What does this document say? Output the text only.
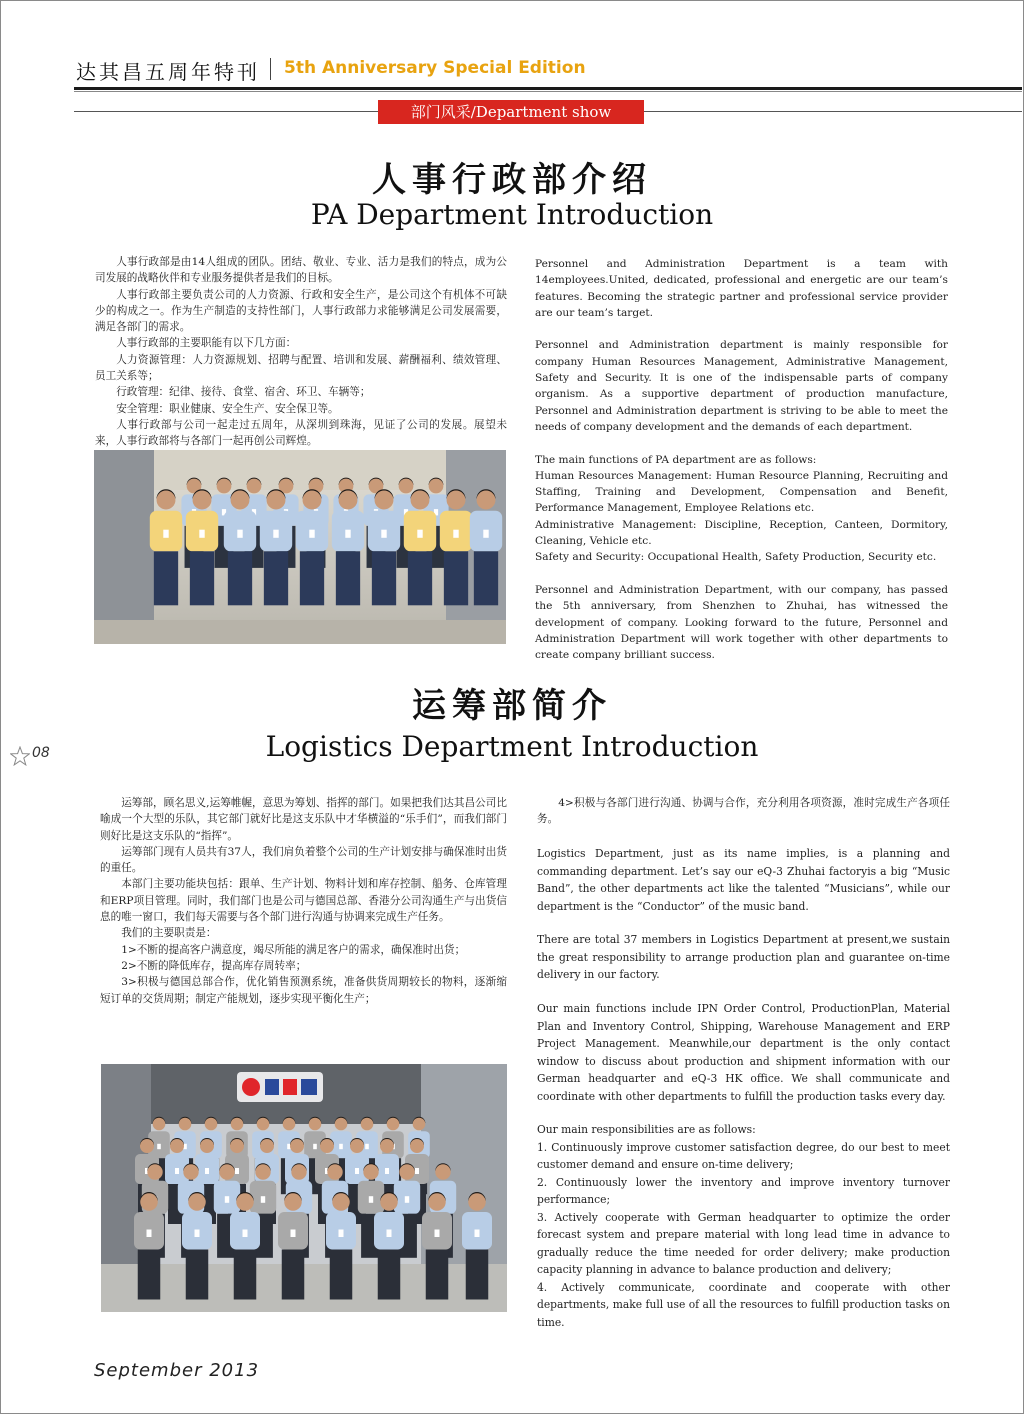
达其昌五周年特刊 5th Anniversary Special Edition
部门风采/Department show
人事行政部介绍
PA Department Introduction

人事行政部是由14人组成的团队。团结、敬业、专业、活力是我们的特点，成为公司发展的战略伙伴和专业服务提供者是我们的目标。

人事行政部主要负责公司的人力资源、行政和安全生产，是公司这个有机体不可缺少的构成之一。作为生产制造的支持性部门，人事行政部力求能够满足公司发展需要，满足各部门的需求。

人事行政部的主要职能有以下几方面：

人力资源管理：人力资源规划、招聘与配置、培训和发展、薪酬福利、绩效管理、员工关系等；

行政管理：纪律、接待、食堂、宿舍、环卫、车辆等；

安全管理：职业健康、安全生产、安全保卫等。

人事行政部与公司一起走过五周年，从深圳到珠海，见证了公司的发展。展望未来，人事行政部将与各部门一起再创公司辉煌。

Personnel and Administration Department is a team with 14employees.United, dedicated, professional and energetic are our team’s features. Becoming the strategic partner and professional service provider are our team’s target.

Personnel and Administration department is mainly responsible for company Human Resources Management, Administrative Management, Safety and Security. It is one of the indispensable parts of company organism. As a supportive department of production manufacture, Personnel and Administration department is striving to be able to meet the needs of company development and the demands of each department.

The main functions of PA department are as follows:

Human Resources Management: Human Resource Planning, Recruiting and Staffing, Training and Development, Compensation and Benefit, Performance Management, Employee Relations etc.

Administrative Management: Discipline, Reception, Canteen, Dormitory, Cleaning, Vehicle etc.

Safety and Security: Occupational Health, Safety Production, Security etc.

Personnel and Administration Department, with our company, has passed the 5th anniversary, from Shenzhen to Zhuhai, has witnessed the development of company. Looking forward to the future, Personnel and Administration Department will work together with other departments to create company brilliant success.

运筹部简介
Logistics Department Introduction

运筹部，顾名思义,运筹帷幄，意思为筹划、指挥的部门。如果把我们达其昌公司比喻成一个大型的乐队，其它部门就好比是这支乐队中才华横溢的“乐手们”，而我们部门则好比是这支乐队的“指挥”。

运筹部门现有人员共有37人，我们肩负着整个公司的生产计划安排与确保准时出货的重任。

本部门主要功能块包括：跟单、生产计划、物料计划和库存控制、船务、仓库管理和ERP项目管理。同时，我们部门也是公司与德国总部、香港分公司沟通生产与出货信息的唯一窗口，我们每天需要与各个部门进行沟通与协调来完成生产任务。

我们的主要职责是：

1>不断的提高客户满意度，竭尽所能的满足客户的需求，确保准时出货；

2>不断的降低库存，提高库存周转率；

3>积极与德国总部合作，优化销售预测系统，准备供货周期较长的物料，逐渐缩短订单的交货周期；制定产能规划，逐步实现平衡化生产；

4>积极与各部门进行沟通、协调与合作，充分利用各项资源，准时完成生产各项任务。

Logistics Department, just as its name implies, is a planning and commanding department. Let’s say our eQ-3 Zhuhai factoryis a big “Music Band”, the other departments act like the talented “Musicians”, while our department is the “Conductor” of the music band.

There are total 37 members in Logistics Department at present,we sustain the great responsibility to arrange production plan and guarantee on-time delivery in our factory.

Our main functions include IPN Order Control, ProductionPlan, Material Plan and Inventory Control, Shipping, Warehouse Management and ERP Project Management. Meanwhile,our department is the only contact window to discuss about production and shipment information with our German headquarter and eQ-3 HK office. We shall communicate and coordinate with other departments to fulfill the production tasks every day.

Our main responsibilities are as follows:

1. Continuously improve customer satisfaction degree, do our best to meet customer demand and ensure on-time delivery;

2. Continuously lower the inventory and improve inventory turnover performance;

3. Actively cooperate with German headquarter to optimize the order forecast system and prepare material with long lead time in advance to gradually reduce the time needed for order delivery; make production capacity planning in advance to balance production and delivery;

4. Actively communicate, coordinate and cooperate with other departments, make full use of all the resources to fulfill production tasks on time.

08
September 2013
